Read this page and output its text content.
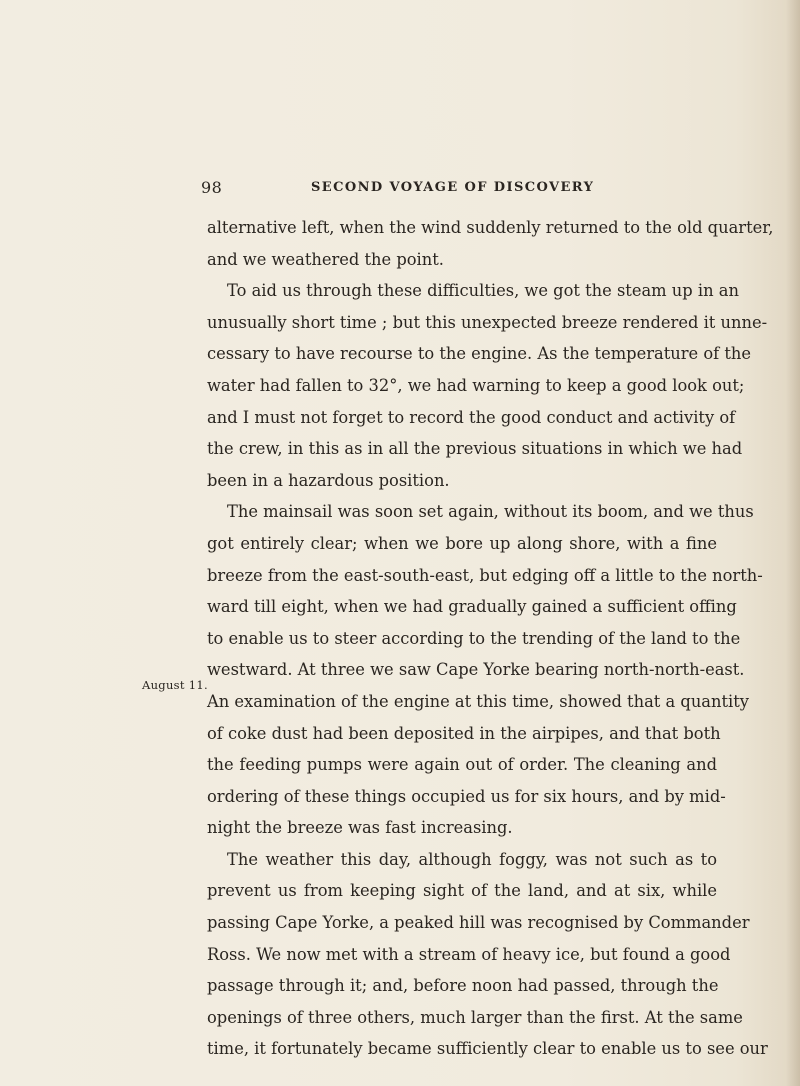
98	SECOND VOYAGE OF DISCOVERY
August 11.
alternative left, when the wind suddenly returned to the old quarter,
and we weathered the point.
To aid us through these difficulties, we got the steam up in an
unusually short time ; but this unexpected breeze rendered it unne-
cessary to have recourse to the engine. As the temperature of the
water had fallen to 32°, we had warning to keep a good look out;
and I must not forget to record the good conduct and activity of
the crew, in this as in all the previous situations in which we had
been in a hazardous position.
The mainsail was soon set again, without its boom, and we thus
got entirely clear; when we bore up along shore, with a fine
breeze from the east-south-east, but edging off a little to the north-
ward till eight, when we had gradually gained a sufficient offing
to enable us to steer according to the trending of the land to the
westward. At three we saw Cape Yorke bearing north-north-east.
An examination of the engine at this time, showed that a quantity
of coke dust had been deposited in the airpipes, and that both
the feeding pumps were again out of order. The cleaning and
ordering of these things occupied us for six hours, and by mid-
night the breeze was fast increasing.
The weather this day, although foggy, was not such as to
prevent us from keeping sight of the land, and at six, while
passing Cape Yorke, a peaked hill was recognised by Commander
Ross. We now met with a stream of heavy ice, but found a good
passage through it; and, before noon had passed, through the
openings of three others, much larger than the first. At the same
time, it fortunately became sufficiently clear to enable us to see our
